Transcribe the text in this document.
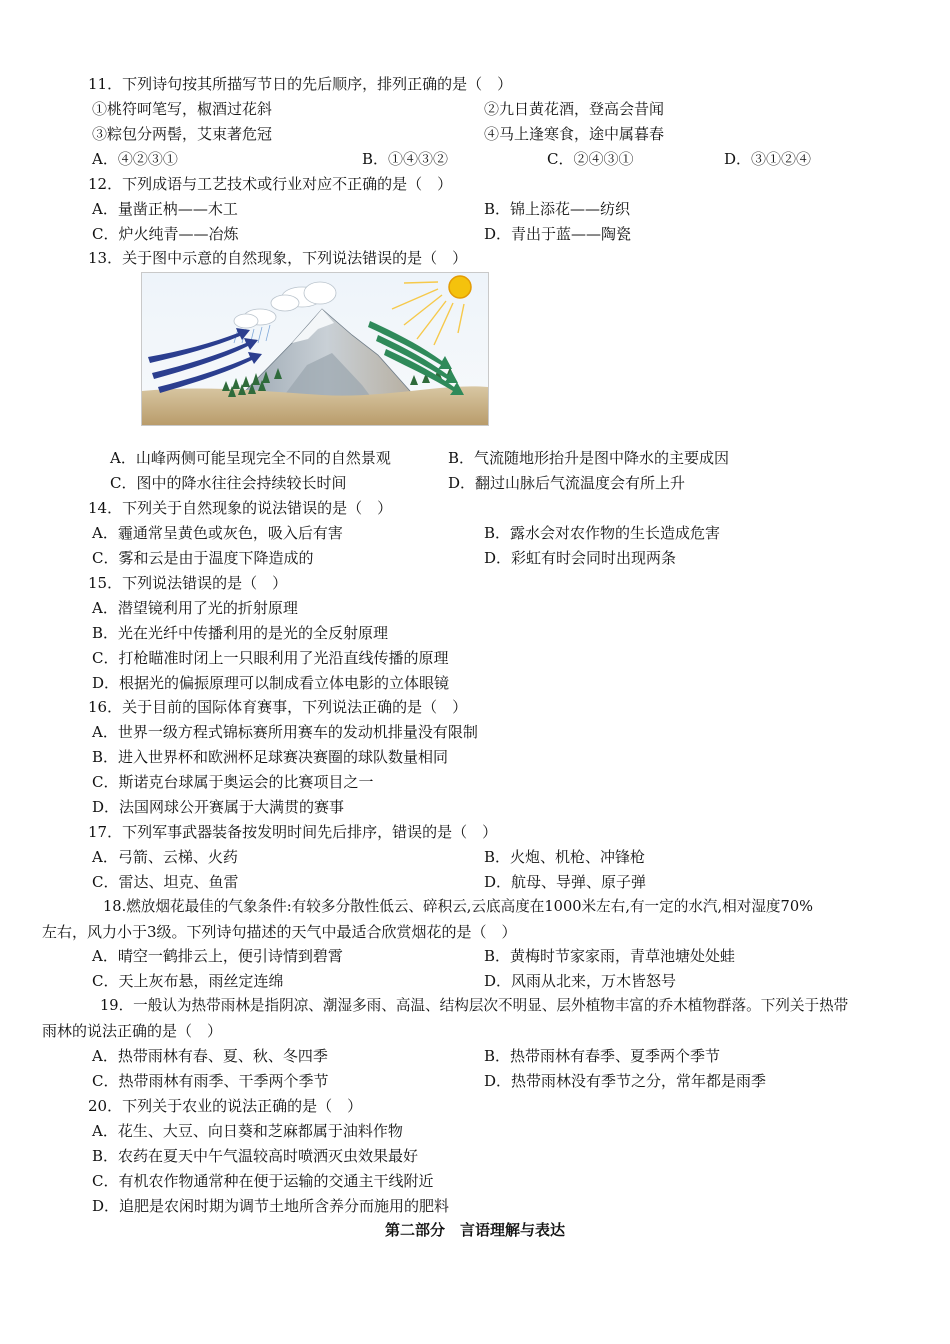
11．下列诗句按其所描写节日的先后顺序，排列正确的是（　）
①桃符呵笔写，椒酒过花斜	②九日黄花酒，登高会昔闻
③粽包分两髻，艾束著危冠	④马上逢寒食，途中属暮春
A．④②③①	B．①④③②	C．②④③①	D．③①②④
12．下列成语与工艺技术或行业对应不正确的是（　）
A．量凿正枘——木工	B．锦上添花——纺织
C．炉火纯青——冶炼	D．青出于蓝——陶瓷
13．关于图中示意的自然现象，下列说法错误的是（　）
A．山峰两侧可能呈现完全不同的自然景观	B．气流随地形抬升是图中降水的主要成因
C．图中的降水往往会持续较长时间	D．翻过山脉后气流温度会有所上升
14．下列关于自然现象的说法错误的是（　）
A．霾通常呈黄色或灰色，吸入后有害	B．露水会对农作物的生长造成危害
C．雾和云是由于温度下降造成的	D．彩虹有时会同时出现两条
15．下列说法错误的是（　）
A．潜望镜利用了光的折射原理
B．光在光纤中传播利用的是光的全反射原理
C．打枪瞄准时闭上一只眼利用了光沿直线传播的原理
D．根据光的偏振原理可以制成看立体电影的立体眼镜
16．关于目前的国际体育赛事，下列说法正确的是（　）
A．世界一级方程式锦标赛所用赛车的发动机排量没有限制
B．进入世界杯和欧洲杯足球赛决赛圈的球队数量相同
C．斯诺克台球属于奥运会的比赛项目之一
D．法国网球公开赛属于大满贯的赛事
17．下列军事武器装备按发明时间先后排序，错误的是（　）
A．弓箭、云梯、火药	B．火炮、机枪、冲锋枪
C．雷达、坦克、鱼雷	D．航母、导弹、原子弹
18.燃放烟花最佳的气象条件:有较多分散性低云、碎积云,云底高度在1000米左右,有一定的水汽,相对湿度70%
左右，风力小于3级。下列诗句描述的天气中最适合欣赏烟花的是（　）
A．晴空一鹤排云上，便引诗情到碧霄	B．黄梅时节家家雨，青草池塘处处蛙
C．天上灰布悬，雨丝定连绵	D．风雨从北来，万木皆怒号
19．一般认为热带雨林是指阴凉、潮湿多雨、高温、结构层次不明显、层外植物丰富的乔木植物群落。下列关于热带
雨林的说法正确的是（　）
A．热带雨林有春、夏、秋、冬四季	B．热带雨林有春季、夏季两个季节
C．热带雨林有雨季、干季两个季节	D．热带雨林没有季节之分，常年都是雨季
20．下列关于农业的说法正确的是（　）
A．花生、大豆、向日葵和芝麻都属于油料作物
B．农药在夏天中午气温较高时喷洒灭虫效果最好
C．有机农作物通常种在便于运输的交通主干线附近
D．追肥是农闲时期为调节土地所含养分而施用的肥料
第二部分　言语理解与表达
